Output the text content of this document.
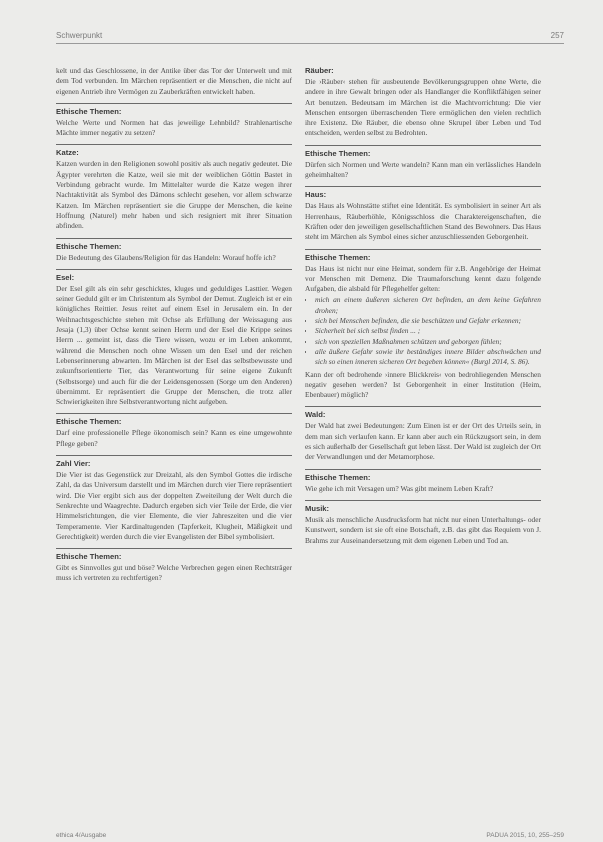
Schwerpunkt	257

kelt und das Geschlossene, in der Antike über das Tor der Unterwelt und mit dem Tod verbunden. Im Märchen repräsentiert er die Menschen, die nicht auf eigenen Antrieb ihre Vermögen zu Zauberkräften entwickelt haben.

Ethische Themen:

Welche Werte und Normen hat das jeweilige Lehnbild? Strahlenartische Mächte immer negativ zu setzen?

Katze:

Katzen wurden in den Religionen sowohl positiv als auch negativ gedeutet. Die Ägypter verehrten die Katze, weil sie mit der weiblichen Göttin Bastet in Verbindung gebracht wurde. Im Mittelalter wurde die Katze wegen ihrer Nachtaktivität als Symbol des Dämons schlecht gesehen, vor allem schwarze Katzen. Im Märchen repräsentiert sie die Gruppe der Menschen, die keine Hoffnung (Naturel) mehr haben und sich resigniert mit ihrer Situation abfinden.

Ethische Themen:

Die Bedeutung des Glaubens/Religion für das Handeln: Worauf hoffe ich?

Esel:

Der Esel gilt als ein sehr geschicktes, kluges und geduldiges Lasttier. Wegen seiner Geduld gilt er im Christentum als Symbol der Demut. Zugleich ist er ein königliches Reittier. Jesus reitet auf einem Esel in Jerusalem ein. In der Weihnachtsgeschichte stehen mit Ochse als Erfüllung der Weissagung aus Jesaja (1,3) über Ochse kennt seinen Herrn und der Esel die Krippe seines Herrn ... gemeint ist, dass die Tiere wissen, wozu er im Leben ankommt, während die Menschen noch ohne Wissen um den Esel und der reichen Lebenserinnerung abwarten. Im Märchen ist der Esel das selbstbewusste und zukunftsorientierte Tier, das Verantwortung für seine eigene Zukunft (Selbstsorge) und auch für die der Leidensgenossen (Sorge um den Anderen) übernimmt. Er repräsentiert die Gruppe der Menschen, die trotz aller Schwierigkeiten ihre Selbstverantwortung nicht aufgeben.

Ethische Themen:

Darf eine professionelle Pflege ökonomisch sein? Kann es eine umgewohnte Pflege geben?

Zahl Vier:

Die Vier ist das Gegenstück zur Dreizahl, als den Symbol Gottes die irdische Zahl, da das Universum darstellt und im Märchen durch vier Tiere repräsentiert wird. Die Vier ergibt sich aus der doppelten Zweiteilung der Welt durch die Senkrechte und Waagrechte. Dadurch ergeben sich vier Teile der Erde, die vier Himmelsrichtungen, die vier Elemente, die vier Jahreszeiten und die vier Temperamente. Vier Kardinaltugenden (Tapferkeit, Klugheit, Mäßigkeit und Gerechtigkeit) werden durch die vier Evangelisten der Bibel symbolisiert.

Ethische Themen:

Gibt es Sinnvolles gut und böse? Welche Verbrechen gegen einen Rechtsträger muss ich vertreten zu rechtfertigen?

Räuber:

Die ›Räuber‹ stehen für ausbeutende Bevölkerungsgruppen ohne Werte, die andere in ihre Gewalt bringen oder als Handlanger die Konfliktfähigen seiner Art benutzen. Bedeutsam im Märchen ist die Machtvorrichtung: Die vier Menschen entsorgen überraschenden Tiere ermöglichen den vielen rechtlich ihre Existenz. Die Räuber, die ebenso ohne Skrupel über Leben und Tod entscheiden, werden selbst zu Bedrohten.

Ethische Themen:

Dürfen sich Normen und Werte wandeln? Kann man ein verlässliches Handeln geheimhalten?

Haus:

Das Haus als Wohnstätte stiftet eine Identität. Es symbolisiert in seiner Art als Herrenhaus, Räuberhöhle, Königsschloss die Charaktereigenschaften, die Kräften oder den jeweiligen gesellschaftlichen Stand des Bewohners. Das Haus steht im Märchen als Symbol eines sicher anzuschliessenden Geborgenheit.

Ethische Themen:

Das Haus ist nicht nur eine Heimat, sondern für z.B. Angehörige der Heimat vor Menschen mit Demenz. Die Traumaforschung kennt dazu folgende Aufgaben, die alsbald für Pflegehelfer gelten:

• mich an einem äußeren sicheren Ort befinden, an dem keine Gefahren drohen;
• sich bei Menschen befinden, die sie beschützen und Gefahr erkennen;
• Sicherheit bei sich selbst finden ... ;
• sich von speziellen Maßnahmen schützen und geborgen fühlen;
• alle äußere Gefahr sowie ihr beständiges innere Bilder abschwächen und sich so einen inneren sicheren Ort begeben können« (Burgl 2014, S. 86).

Kann der oft bedrohende ›innere Blickkreis‹ von bedrohliegenden Menschen negativ gesehen werden? Ist Geborgenheit in einer Institution (Heim, Ebenbauer) möglich?

Wald:

Der Wald hat zwei Bedeutungen: Zum Einen ist er der Ort des Urteils sein, in dem man sich verlaufen kann. Er kann aber auch ein Rückzugsort sein, in dem es sich außerhalb der Gesellschaft gut leben lässt. Der Wald ist zugleich der Ort der Verwandlungen und der Metamorphose.

Ethische Themen:

Wie gehe ich mit Versagen um? Was gibt meinem Leben Kraft?

Musik:

Musik als menschliche Ausdrucksform hat nicht nur einen Unterhaltungs- oder Kunstwert, sondern ist sie oft eine Botschaft, z.B. das gibt das Requiem von J. Brahms zur Auseinandersetzung mit dem eigenen Leben und Tod an.

ethica 4/Ausgabe	PADUA 2015, 10, 255–259
